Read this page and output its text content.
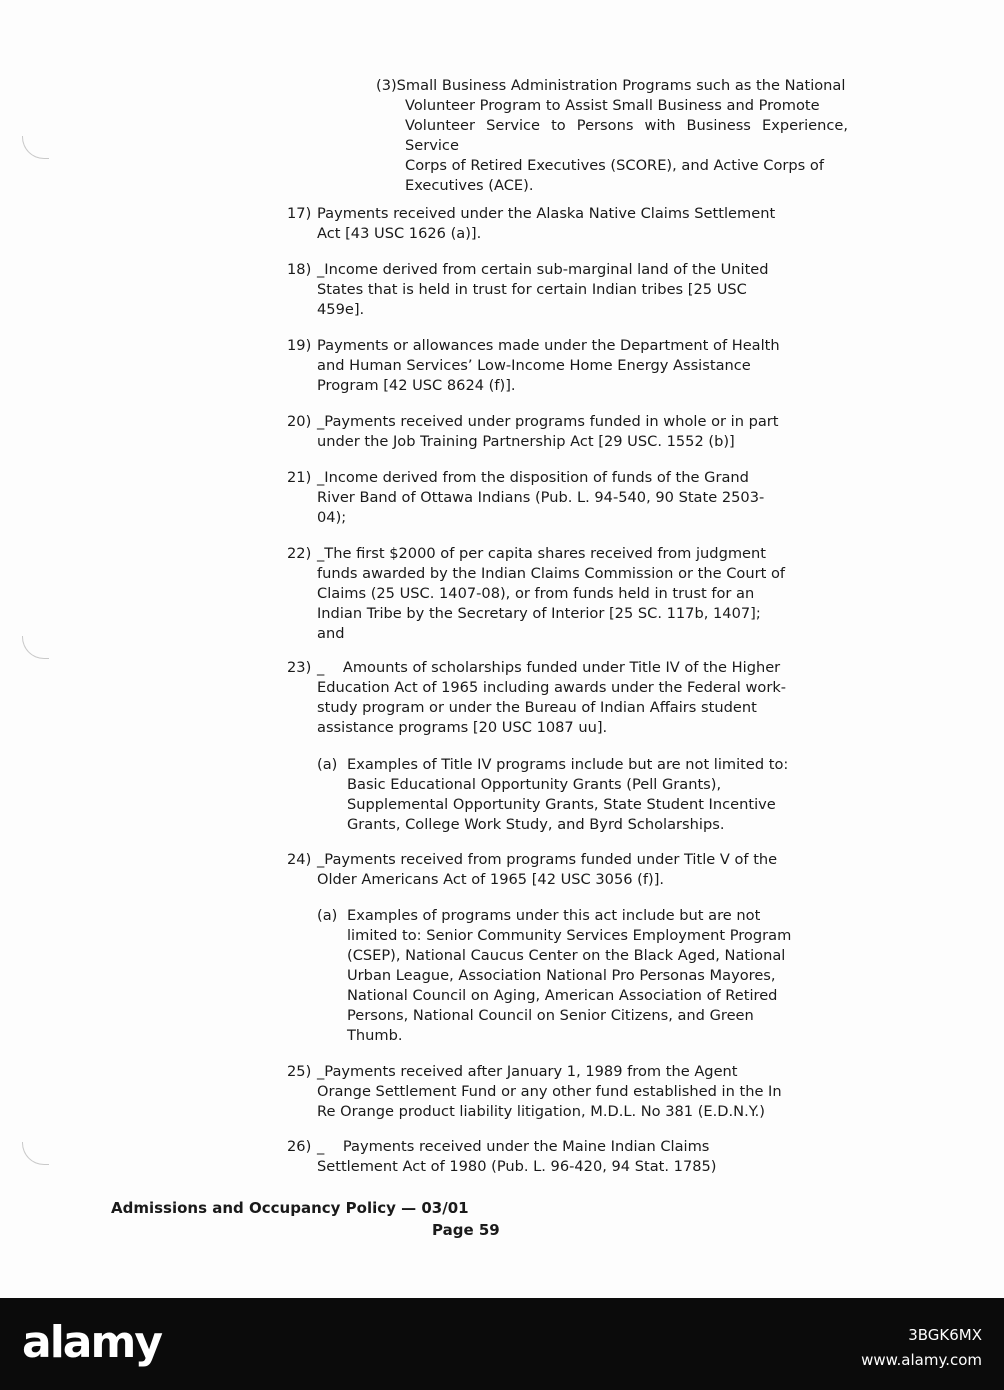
(3)Small Business Administration Programs such as the National
Volunteer Program to Assist Small Business and Promote
Volunteer Service to Persons with Business Experience, Service
Corps of Retired Executives (SCORE), and Active Corps of
Executives (ACE).
17) Payments received under the Alaska Native Claims Settlement
Act [43 USC 1626 (a)].
18) _Income derived from certain sub-marginal land of the United
States that is held in trust for certain Indian tribes [25 USC
459e].
19) Payments or allowances made under the Department of Health
and Human Services’ Low-Income Home Energy Assistance
Program [42 USC 8624 (f)].
20) _Payments received under programs funded in whole or in part
under the Job Training Partnership Act [29 USC. 1552 (b)]
21) _Income derived from the disposition of funds of the Grand
River Band of Ottawa Indians (Pub. L. 94-540, 90 State 2503-
04);
22) _The first $2000 of per capita shares received from judgment
funds awarded by the Indian Claims Commission or the Court of
Claims (25 USC. 1407-08), or from funds held in trust for an
Indian Tribe by the Secretary of Interior [25 SC. 117b, 1407];
and
23) _    Amounts of scholarships funded under Title IV of the Higher
Education Act of 1965 including awards under the Federal work-
study program or under the Bureau of Indian Affairs student
assistance programs [20 USC 1087 uu].
(a) Examples of Title IV programs include but are not limited to:
Basic Educational Opportunity Grants (Pell Grants),
Supplemental Opportunity Grants, State Student Incentive
Grants, College Work Study, and Byrd Scholarships.
24) _Payments received from programs funded under Title V of the
Older Americans Act of 1965 [42 USC 3056 (f)].
(a) Examples of programs under this act include but are not
limited to: Senior Community Services Employment Program
(CSEP), National Caucus Center on the Black Aged, National
Urban League, Association National Pro Personas Mayores,
National Council on Aging, American Association of Retired
Persons, National Council on Senior Citizens, and Green
Thumb.
25) _Payments received after January 1, 1989 from the Agent
Orange Settlement Fund or any other fund established in the In
Re Orange product liability litigation, M.D.L. No 381 (E.D.N.Y.)
26) _    Payments received under the Maine Indian Claims
Settlement Act of 1980 (Pub. L. 96-420, 94 Stat. 1785)
Admissions and Occupancy Policy — 03/01
Page 59
alamy	3BGK6MX
www.alamy.com
